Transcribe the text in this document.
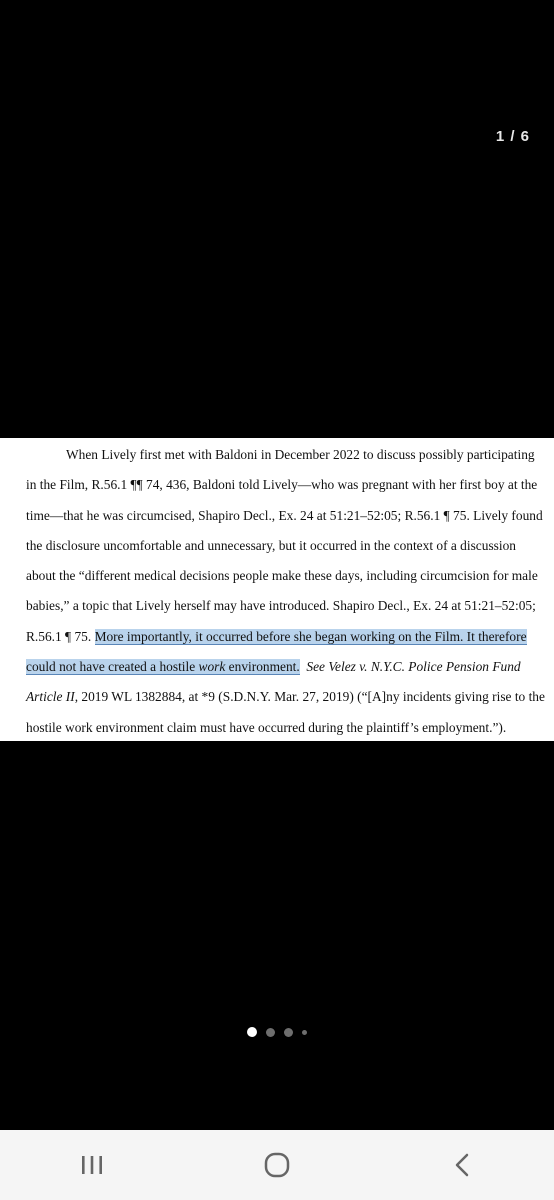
1 / 6
When Lively first met with Baldoni in December 2022 to discuss possibly participating
in the Film, R.56.1 ¶¶ 74, 436, Baldoni told Lively—who was pregnant with her first boy at the
time—that he was circumcised, Shapiro Decl., Ex. 24 at 51:21–52:05; R.56.1 ¶ 75. Lively found
the disclosure uncomfortable and unnecessary, but it occurred in the context of a discussion
about the “different medical decisions people make these days, including circumcision for male
babies,” a topic that Lively herself may have introduced. Shapiro Decl., Ex. 24 at 51:21–52:05;
R.56.1 ¶ 75. More importantly, it occurred before she began working on the Film. It therefore
could not have created a hostile work environment. See Velez v. N.Y.C. Police Pension Fund
Article II, 2019 WL 1382884, at *9 (S.D.N.Y. Mar. 27, 2019) (“[A]ny incidents giving rise to the
hostile work environment claim must have occurred during the plaintiff’s employment.”).
